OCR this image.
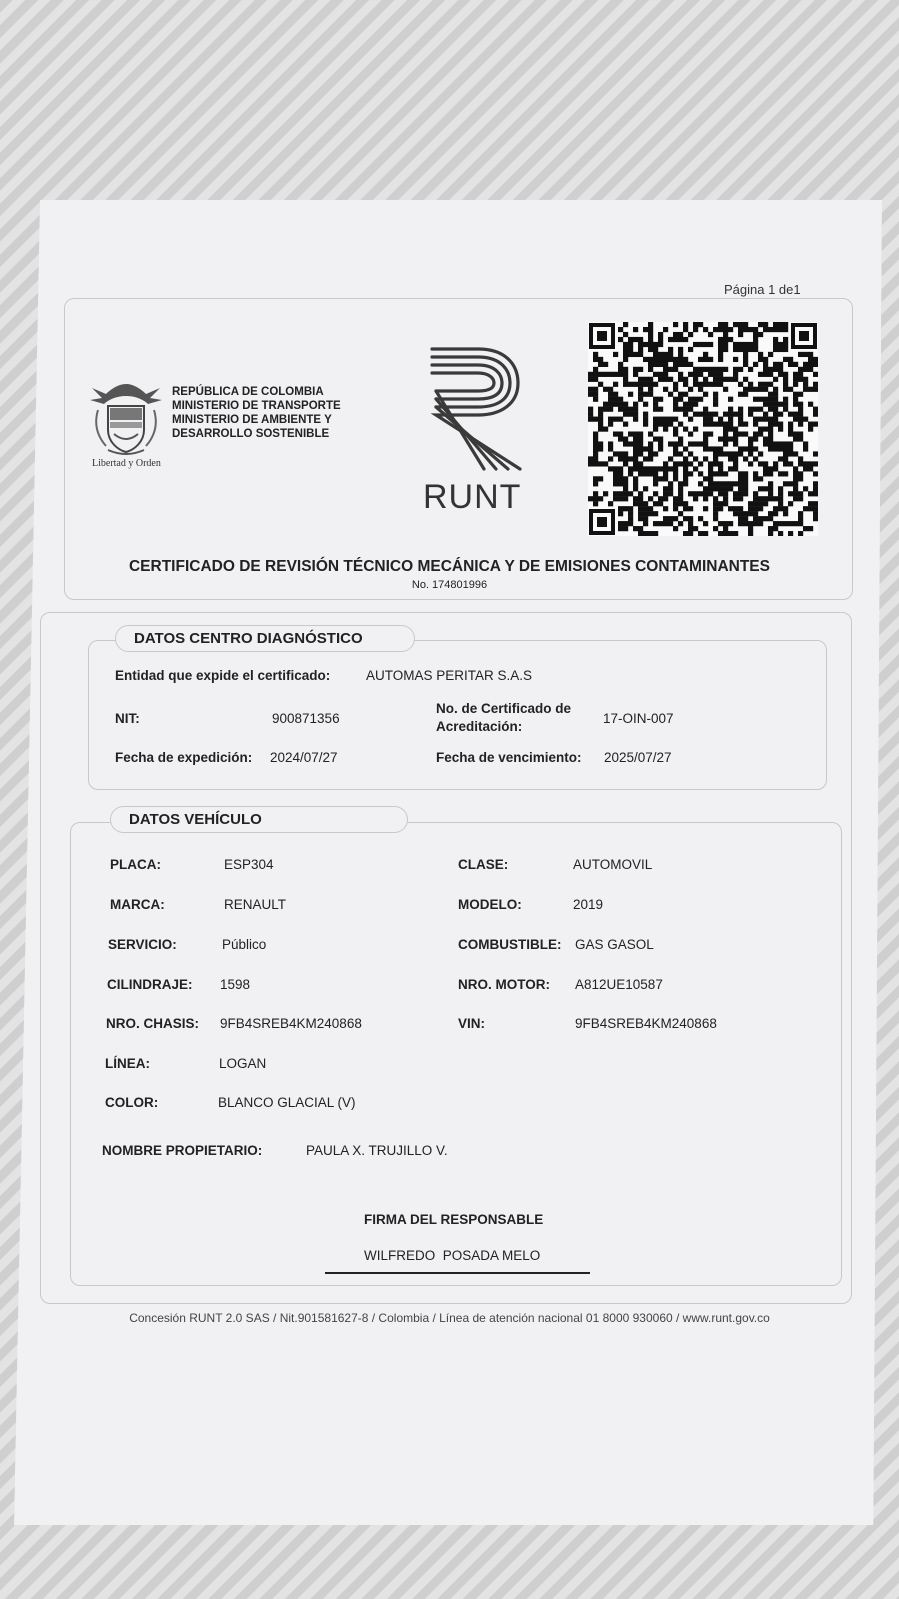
Página 1 de1
Libertad y Orden
REPÚBLICA DE COLOMBIA
MINISTERIO DE TRANSPORTE
MINISTERIO DE AMBIENTE Y
DESARROLLO SOSTENIBLE
RUNT
CERTIFICADO DE REVISIÓN TÉCNICO MECÁNICA Y DE EMISIONES CONTAMINANTES
No. 174801996
DATOS CENTRO DIAGNÓSTICO
Entidad que expide el certificado:	AUTOMAS PERITAR S.A.S
NIT:	900871356
No. de Certificado de
Acreditación:
17-OIN-007
Fecha de expedición: 2024/07/27	Fecha de vencimiento: 2025/07/27
DATOS VEHÍCULO
PLACA:	ESP304	CLASE:	AUTOMOVIL
MARCA:	RENAULT	MODELO:	2019
SERVICIO:	Público	COMBUSTIBLE: GAS GASOL
CILINDRAJE: 1598	NRO. MOTOR: A812UE10587
NRO. CHASIS: 9FB4SREB4KM240868	VIN:	9FB4SREB4KM240868
LÍNEA:	LOGAN
COLOR:	BLANCO GLACIAL (V)
NOMBRE PROPIETARIO:	PAULA X. TRUJILLO V.
FIRMA DEL RESPONSABLE
WILFREDO  POSADA MELO
Concesión RUNT 2.0 SAS / Nit.901581627-8 / Colombia / Línea de atención nacional 01 8000 930060 / www.runt.gov.co
